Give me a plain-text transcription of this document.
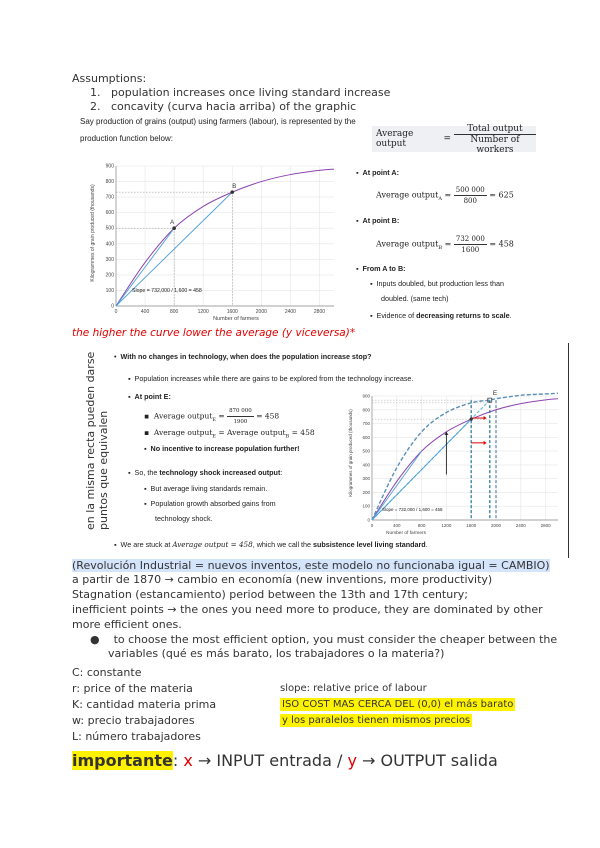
Assumptions:
1.   population increases once living standard increase
2.   concavity (curva hacia arriba) of the graphic
Say production of grains (output) using farmers (labour), is represented by the
production function below:	Average output	= $\frac{\text{Total output}}{\text{Number of workers}}$
0	400	800	1200	1600	2000	2400	2800
0
100
200
300
400
500
600
700
800
900
Kilogrammes of grain produced (thousands)
Number of farmers
Slope = 732,000 / 1,600 = 458
A
B
▪  At point A:
Average output$_A$ = $\frac{500 000}{800} = 625$
▪  At point B:
Average output$_B$ = $\frac{732 000}{1600} = 458$
▪  From A to B:
▪  Inputs doubled, but production less than
doubled. (same tech)
▪  Evidence of decreasing returns to scale.
the higher the curve lower the average (y viceversa)*
en la misma recta pueden darse puntos que equivalen
•  With no changes in technology, when does the population increase stop?
▪  Population increases while there are gains to be explored from the technology increase.
▪  At point E:
▪  Average output$_E$ = $\frac{870 000}{1900} = 458$
▪  Average output$_E$ = Average output$_B$ = 458
▪  No incentive to increase population further!
▪  So, the technology shock increased output:
▪  But average living standards remain.
▪  Population growth absorbed gains from
technology shock.
▪  We are stuck at Average output = 458, which we call the subsistence level living standard.
0	400	800	1200	1600	2000	2400	2800
0
100
200
300
400
500
600
700
800
900
Kilogrammes of grain produced (thousands)
Number of farmers
Slope = 732,000 / 1,600 = 458
E
(Revolución Industrial = nuevos inventos, este modelo no funcionaba igual = CAMBIO)
a partir de 1870 → cambio en economía (new inventions, more productivity)
Stagnation (estancamiento) period between the 13th and 17th century;
inefficient points → the ones you need more to produce, they are dominated by other
more efficient ones.
●    to choose the most efficient option, you must consider the cheaper between the
variables (qué es más barato, los trabajadores o la materia?)
C: constante
r: price of the materia
K: cantidad materia prima
w: precio trabajadores
L: número trabajadores
slope: relative price of labour
ISO COST MAS CERCA DEL (0,0) el más barato
y los paralelos tienen mismos precios
importante: x → INPUT entrada / y → OUTPUT salida
